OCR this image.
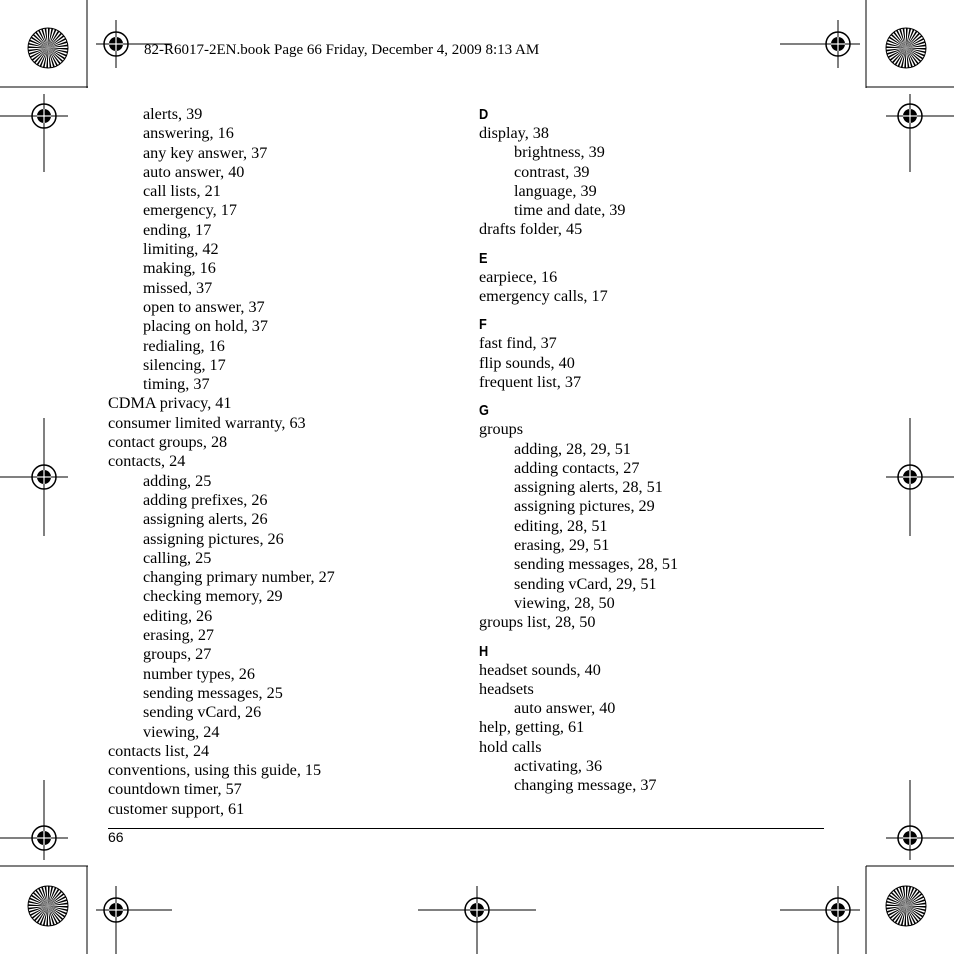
82-R6017-2EN.book Page 66 Friday, December 4, 2009 8:13 AM
alerts, 39
answering, 16
any key answer, 37
auto answer, 40
call lists, 21
emergency, 17
ending, 17
limiting, 42
making, 16
missed, 37
open to answer, 37
placing on hold, 37
redialing, 16
silencing, 17
timing, 37
CDMA privacy, 41
consumer limited warranty, 63
contact groups, 28
contacts, 24
adding, 25
adding prefixes, 26
assigning alerts, 26
assigning pictures, 26
calling, 25
changing primary number, 27
checking memory, 29
editing, 26
erasing, 27
groups, 27
number types, 26
sending messages, 25
sending vCard, 26
viewing, 24
contacts list, 24
conventions, using this guide, 15
countdown timer, 57
customer support, 61
D
display, 38
brightness, 39
contrast, 39
language, 39
time and date, 39
drafts folder, 45
E
earpiece, 16
emergency calls, 17
F
fast find, 37
flip sounds, 40
frequent list, 37
G
groups
adding, 28, 29, 51
adding contacts, 27
assigning alerts, 28, 51
assigning pictures, 29
editing, 28, 51
erasing, 29, 51
sending messages, 28, 51
sending vCard, 29, 51
viewing, 28, 50
groups list, 28, 50
H
headset sounds, 40
headsets
auto answer, 40
help, getting, 61
hold calls
activating, 36
changing message, 37
66
